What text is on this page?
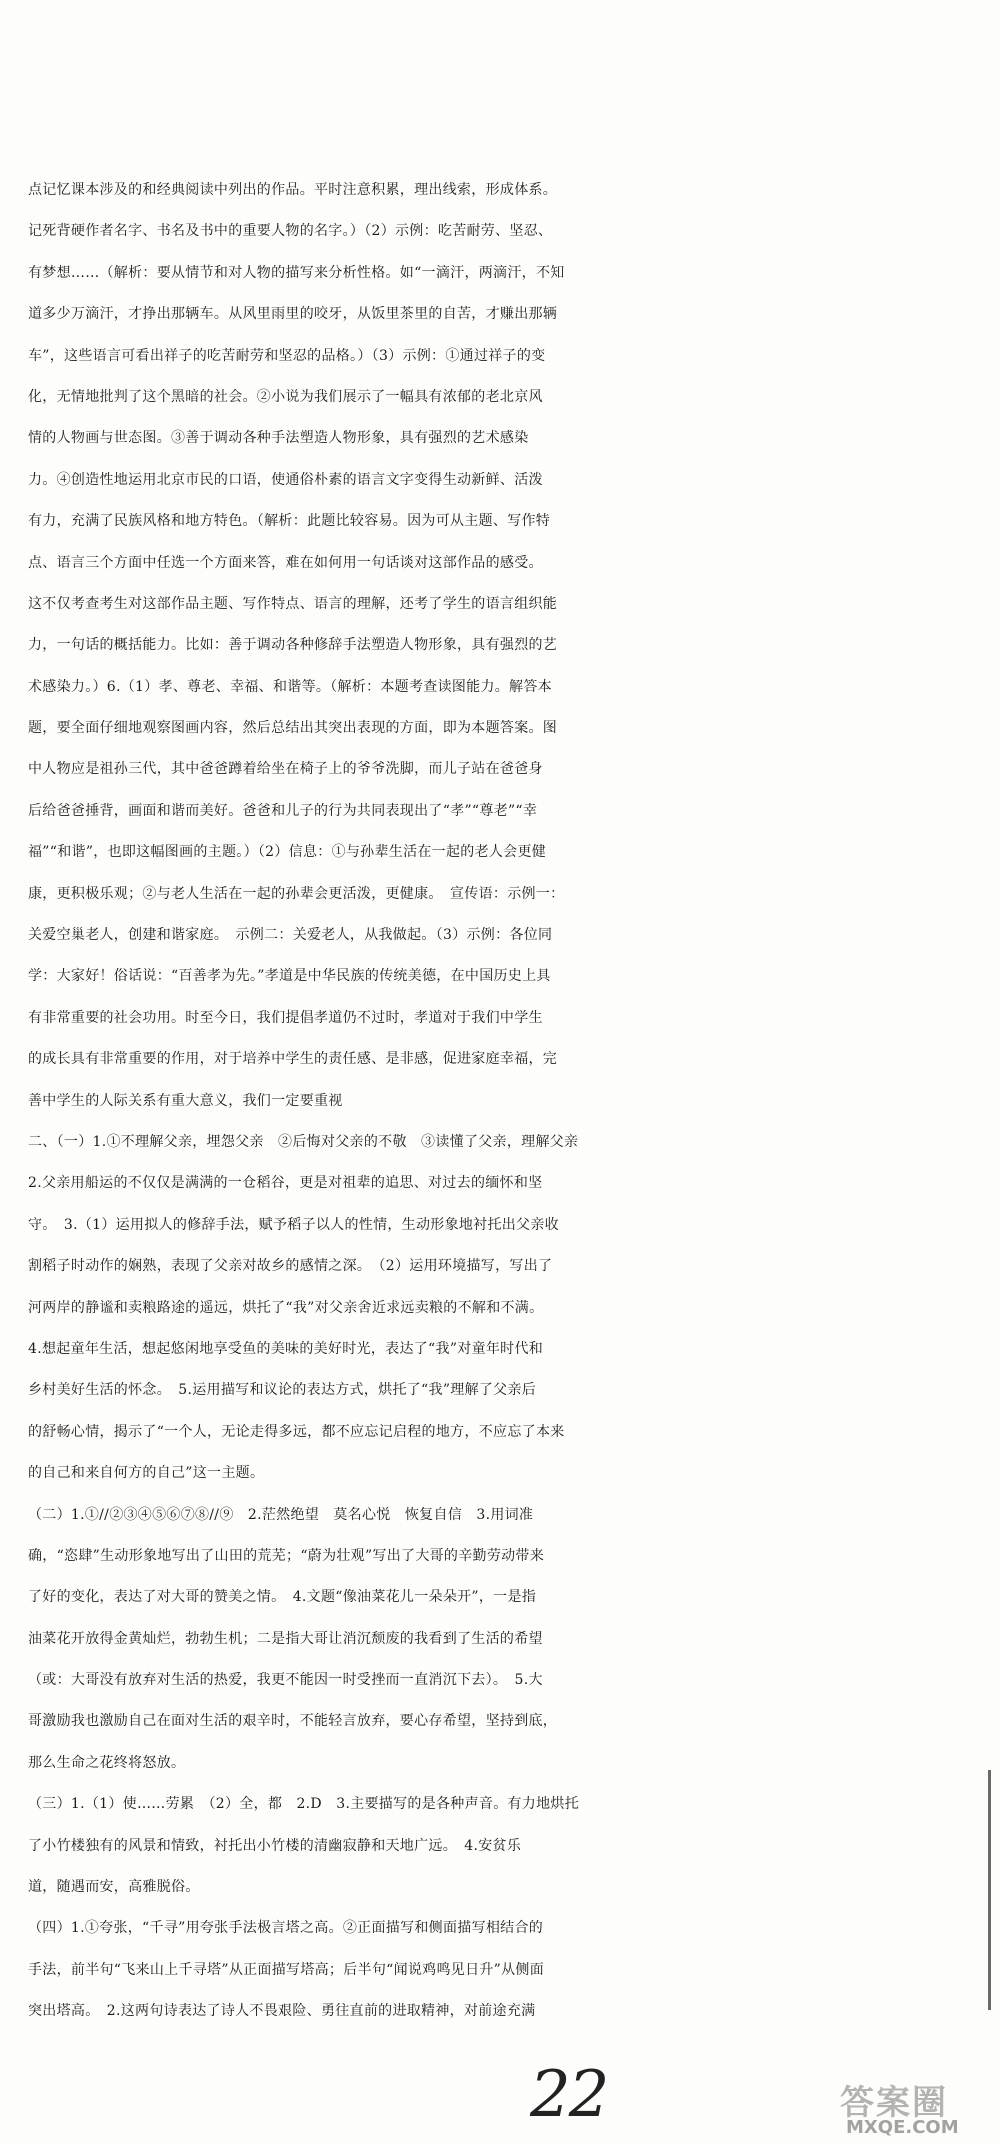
点记忆课本涉及的和经典阅读中列出的作品。平时注意积累，理出线索，形成体系。
记死背硬作者名字、书名及书中的重要人物的名字。）（2）示例：吃苦耐劳、坚忍、
有梦想……（解析：要从情节和对人物的描写来分析性格。如“一滴汗，两滴汗，不知
道多少万滴汗，才挣出那辆车。从风里雨里的咬牙，从饭里茶里的自苦，才赚出那辆
车”，这些语言可看出祥子的吃苦耐劳和坚忍的品格。）（3）示例：①通过祥子的变
化，无情地批判了这个黑暗的社会。②小说为我们展示了一幅具有浓郁的老北京风
情的人物画与世态图。③善于调动各种手法塑造人物形象，具有强烈的艺术感染
力。④创造性地运用北京市民的口语，使通俗朴素的语言文字变得生动新鲜、活泼
有力，充满了民族风格和地方特色。（解析：此题比较容易。因为可从主题、写作特
点、语言三个方面中任选一个方面来答，难在如何用一句话谈对这部作品的感受。
这不仅考查考生对这部作品主题、写作特点、语言的理解，还考了学生的语言组织能
力，一句话的概括能力。比如：善于调动各种修辞手法塑造人物形象，具有强烈的艺
术感染力。）6.（1）孝、尊老、幸福、和谐等。（解析：本题考查读图能力。解答本
题，要全面仔细地观察图画内容，然后总结出其突出表现的方面，即为本题答案。图
中人物应是祖孙三代，其中爸爸蹲着给坐在椅子上的爷爷洗脚，而儿子站在爸爸身
后给爸爸捶背，画面和谐而美好。爸爸和儿子的行为共同表现出了“孝”“尊老”“幸
福”“和谐”，也即这幅图画的主题。）（2）信息：①与孙辈生活在一起的老人会更健
康，更积极乐观；②与老人生活在一起的孙辈会更活泼，更健康。　宣传语：示例一：
关爱空巢老人，创建和谐家庭。　示例二：关爱老人，从我做起。（3）示例：各位同
学：大家好！俗话说：“百善孝为先。”孝道是中华民族的传统美德，在中国历史上具
有非常重要的社会功用。时至今日，我们提倡孝道仍不过时，孝道对于我们中学生
的成长具有非常重要的作用，对于培养中学生的责任感、是非感，促进家庭幸福，完
善中学生的人际关系有重大意义，我们一定要重视
二、（一）1.①不理解父亲，埋怨父亲　②后悔对父亲的不敬　③读懂了父亲，理解父亲
2.父亲用船运的不仅仅是满满的一仓稻谷，更是对祖辈的追思、对过去的缅怀和坚
守。　3.（1）运用拟人的修辞手法，赋予稻子以人的性情，生动形象地衬托出父亲收
割稻子时动作的娴熟，表现了父亲对故乡的感情之深。　（2）运用环境描写，写出了
河两岸的静谧和卖粮路途的遥远，烘托了“我”对父亲舍近求远卖粮的不解和不满。
4.想起童年生活，想起悠闲地享受鱼的美味的美好时光，表达了“我”对童年时代和
乡村美好生活的怀念。　5.运用描写和议论的表达方式，烘托了“我”理解了父亲后
的舒畅心情，揭示了“一个人，无论走得多远，都不应忘记启程的地方，不应忘了本来
的自己和来自何方的自己”这一主题。
（二）1.①//②③④⑤⑥⑦⑧//⑨　2.茫然绝望　莫名心悦　恢复自信　3.用词准
确，“恣肆”生动形象地写出了山田的荒芜；“蔚为壮观”写出了大哥的辛勤劳动带来
了好的变化，表达了对大哥的赞美之情。　4.文题“像油菜花儿一朵朵开”，一是指
油菜花开放得金黄灿烂，勃勃生机；二是指大哥让消沉颓废的我看到了生活的希望
（或：大哥没有放弃对生活的热爱，我更不能因一时受挫而一直消沉下去）。　5.大
哥激励我也激励自己在面对生活的艰辛时，不能轻言放弃，要心存希望，坚持到底，
那么生命之花终将怒放。
（三）1.（1）使……劳累　（2）全，都　2.D　3.主要描写的是各种声音。有力地烘托
了小竹楼独有的风景和情致，衬托出小竹楼的清幽寂静和天地广远。　4.安贫乐
道，随遇而安，高雅脱俗。
（四）1.①夸张，“千寻”用夸张手法极言塔之高。②正面描写和侧面描写相结合的
手法，前半句“飞来山上千寻塔”从正面描写塔高；后半句“闻说鸡鸣见日升”从侧面
突出塔高。　2.这两句诗表达了诗人不畏艰险、勇往直前的进取精神，对前途充满
22	答案圈
MXQE.COM
